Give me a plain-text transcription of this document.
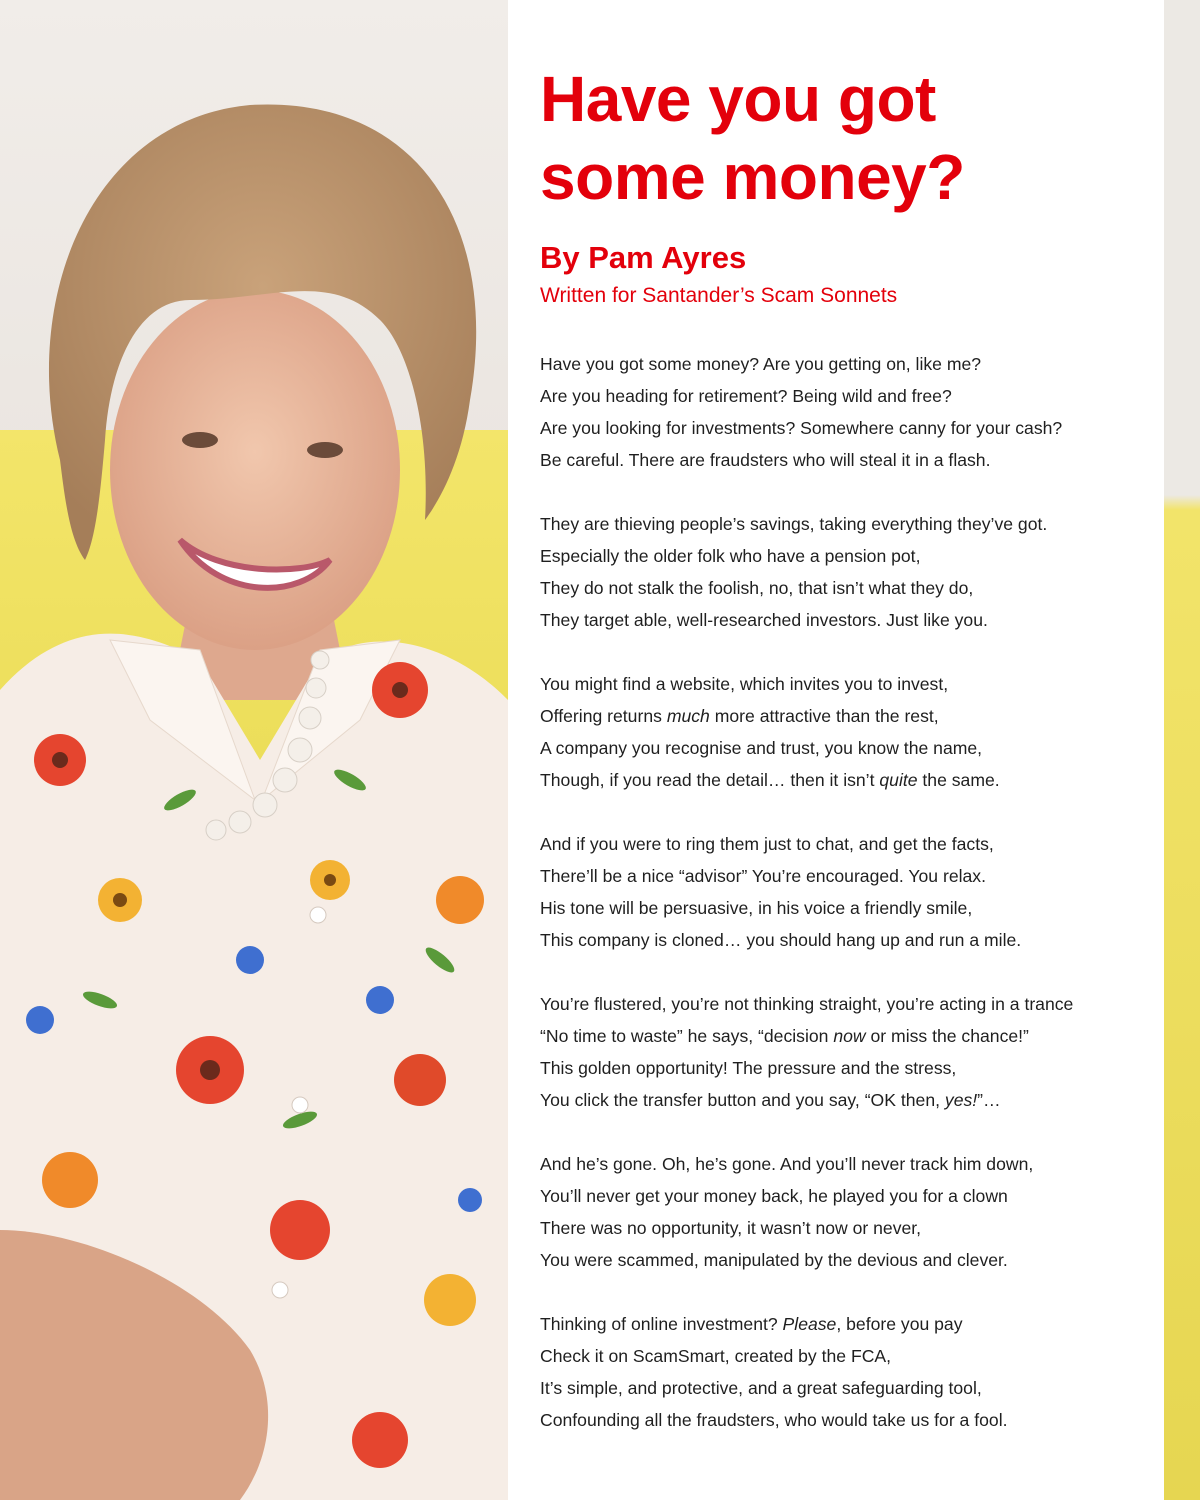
Have you got
some money?

By Pam Ayres

Written for Santander’s Scam Sonnets

Have you got some money? Are you getting on, like me?
Are you heading for retirement? Being wild and free?
Are you looking for investments? Somewhere canny for your cash?
Be careful. There are fraudsters who will steal it in a flash.
They are thieving people’s savings, taking everything they’ve got.
Especially the older folk who have a pension pot,
They do not stalk the foolish, no, that isn’t what they do,
They target able, well-researched investors. Just like you.
You might find a website, which invites you to invest,
Offering returns much more attractive than the rest,
A company you recognise and trust, you know the name,
Though, if you read the detail… then it isn’t quite the same.
And if you were to ring them just to chat, and get the facts,
There’ll be a nice “advisor” You’re encouraged. You relax.
His tone will be persuasive, in his voice a friendly smile,
This company is cloned… you should hang up and run a mile.
You’re flustered, you’re not thinking straight, you’re acting in a trance
“No time to waste” he says, “decision now or miss the chance!”
This golden opportunity! The pressure and the stress,
You click the transfer button and you say, “OK then, yes!”…
And he’s gone. Oh, he’s gone. And you’ll never track him down,
You’ll never get your money back, he played you for a clown
There was no opportunity, it wasn’t now or never,
You were scammed, manipulated by the devious and clever.
Thinking of online investment? Please, before you pay
Check it on ScamSmart, created by the FCA,
It’s simple, and protective, and a great safeguarding tool,
Confounding all the fraudsters, who would take us for a fool.
